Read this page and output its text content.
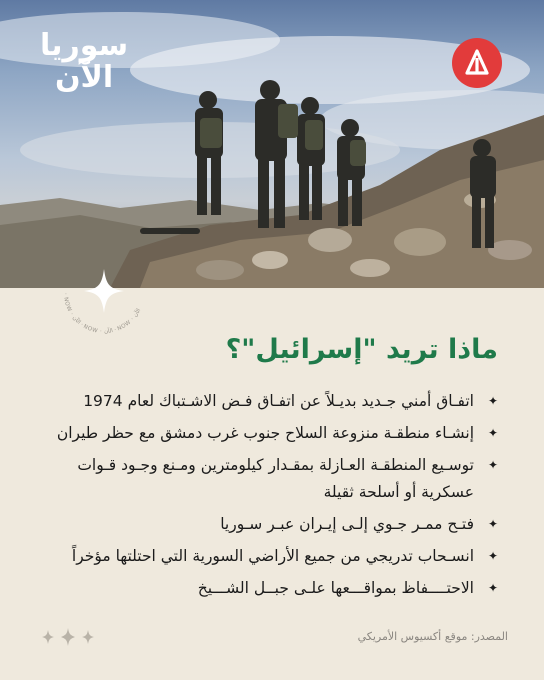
سوريا
الآن
· NOW · الآن · NOW · الآن · NOW · الآن
ماذا تريد "إسرائيل"؟
✦
اتفـاق أمني جـديد بديـلاً عن اتفـاق فـض الاشـتباك لعام 1974
✦
إنشـاء منطقـة منزوعة السلاح جنوب غرب دمشق مع حظر طيران
✦
توسـيع المنطقـة العـازلة بمقـدار كيلومترين ومـنع وجـود قـوات عسكرية أو أسلحة ثقيلة
✦
فتـح ممـر جـوي إلـى إيـران عبـر سـوريا
✦
انسـحاب تدريجي من جميع الأراضي السورية التي احتلتها مؤخراً
✦
الاحتــــفاظ بمواقـــعها علـى جبــل الشـــيخ
المصدر: موقع أكسيوس الأمريكي
